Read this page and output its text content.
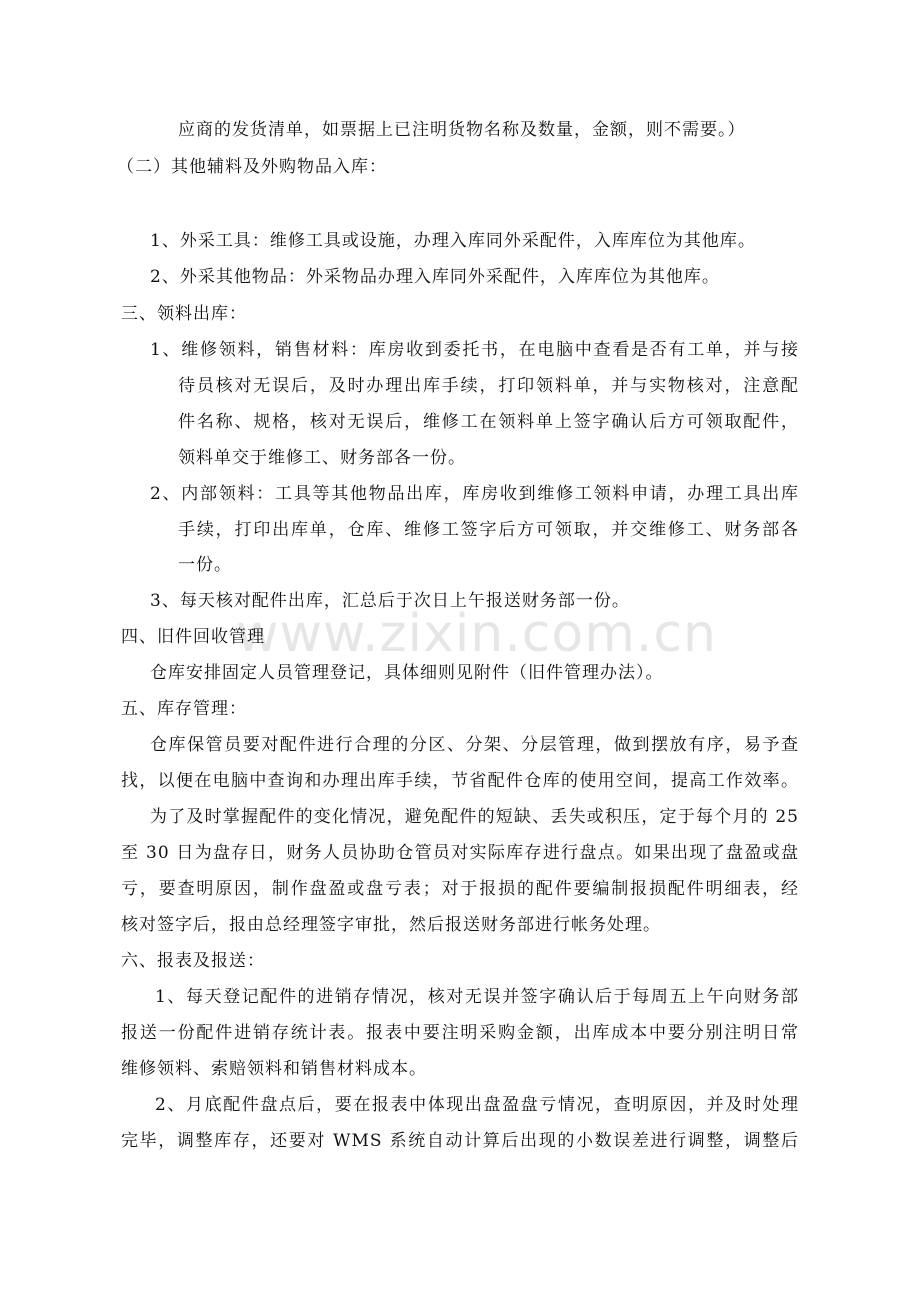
www.zixin.com.cn
应商的发货清单，如票据上已注明货物名称及数量，金额，则不需要。）
（二）其他辅料及外购物品入库：
1、外采工具：维修工具或设施，办理入库同外采配件，入库库位为其他库。
2、外采其他物品：外采物品办理入库同外采配件，入库库位为其他库。
三、领料出库：
1、维修领料，销售材料：库房收到委托书，在电脑中查看是否有工单，并与接
待员核对无误后，及时办理出库手续，打印领料单，并与实物核对，注意配
件名称、规格，核对无误后，维修工在领料单上签字确认后方可领取配件，
领料单交于维修工、财务部各一份。
2、内部领料：工具等其他物品出库，库房收到维修工领料申请，办理工具出库
手续，打印出库单，仓库、维修工签字后方可领取，并交维修工、财务部各
一份。
3、每天核对配件出库，汇总后于次日上午报送财务部一份。
四、旧件回收管理
仓库安排固定人员管理登记，具体细则见附件（旧件管理办法）。
五、库存管理：
仓库保管员要对配件进行合理的分区、分架、分层管理，做到摆放有序，易予查
找，以便在电脑中查询和办理出库手续，节省配件仓库的使用空间，提高工作效率。
为了及时掌握配件的变化情况，避免配件的短缺、丢失或积压，定于每个月的 25
至 30 日为盘存日，财务人员协助仓管员对实际库存进行盘点。如果出现了盘盈或盘
亏，要查明原因，制作盘盈或盘亏表；对于报损的配件要编制报损配件明细表，经
核对签字后，报由总经理签字审批，然后报送财务部进行帐务处理。
六、报表及报送：
1、每天登记配件的进销存情况，核对无误并签字确认后于每周五上午向财务部
报送一份配件进销存统计表。报表中要注明采购金额，出库成本中要分别注明日常
维修领料、索赔领料和销售材料成本。
2、月底配件盘点后，要在报表中体现出盘盈盘亏情况，查明原因，并及时处理
完毕，调整库存，还要对 WMS 系统自动计算后出现的小数误差进行调整，调整后
